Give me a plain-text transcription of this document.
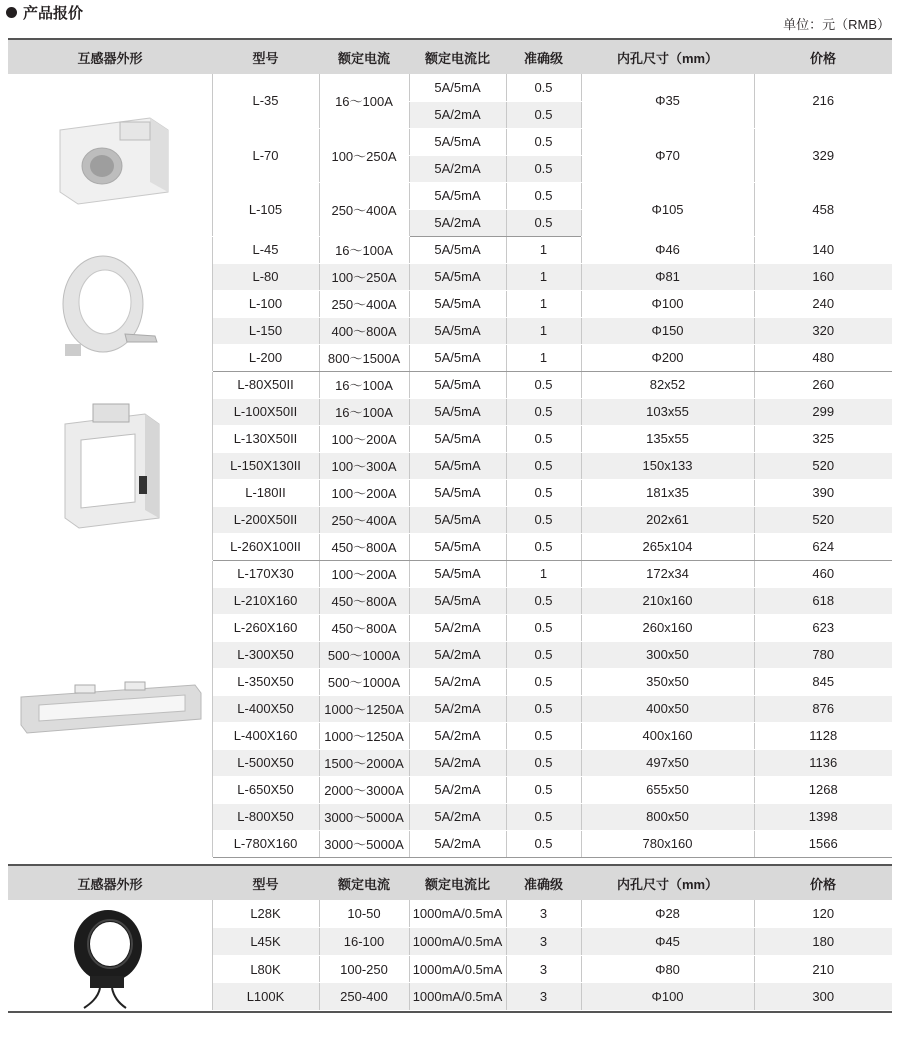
产品报价
单位：元（RMB）
互感器外形	型号	额定电流	额定电流比	准确级	内孔尺寸（mm）	价格

	L-35	16～100A	5A/5mA	0.5	Φ35	216
			5A/2mA	0.5		
	L-70	100～250A	5A/5mA	0.5	Φ70	329
			5A/2mA	0.5		
	L-105	250～400A	5A/5mA	0.5	Φ105	458
			5A/2mA	0.5		

	L-45	16～100A	5A/5mA	1	Φ46	140
	L-80	100～250A	5A/5mA	1	Φ81	160
	L-100	250～400A	5A/5mA	1	Φ100	240
	L-150	400～800A	5A/5mA	1	Φ150	320
	L-200	800～1500A	5A/5mA	1	Φ200	480

	L-80X50II	16～100A	5A/5mA	0.5	82x52	260
	L-100X50II	16～100A	5A/5mA	0.5	103x55	299
	L-130X50II	100～200A	5A/5mA	0.5	135x55	325
	L-150X130II	100～300A	5A/5mA	0.5	150x133	520
	L-180II	100～200A	5A/5mA	0.5	181x35	390
	L-200X50II	250～400A	5A/5mA	0.5	202x61	520
	L-260X100II	450～800A	5A/5mA	0.5	265x104	624

	L-170X30	100～200A	5A/5mA	1	172x34	460
	L-210X160	450～800A	5A/5mA	0.5	210x160	618
	L-260X160	450～800A	5A/2mA	0.5	260x160	623
	L-300X50	500～1000A	5A/2mA	0.5	300x50	780
	L-350X50	500～1000A	5A/2mA	0.5	350x50	845
	L-400X50	1000～1250A	5A/2mA	0.5	400x50	876
	L-400X160	1000～1250A	5A/2mA	0.5	400x160	1128
	L-500X50	1500～2000A	5A/2mA	0.5	497x50	1136
	L-650X50	2000～3000A	5A/2mA	0.5	655x50	1268
	L-800X50	3000～5000A	5A/2mA	0.5	800x50	1398
	L-780X160	3000～5000A	5A/2mA	0.5	780x160	1566
互感器外形	型号	额定电流	额定电流比	准确级	内孔尺寸（mm）	价格

	L28K	10-50	1000mA/0.5mA	3	Φ28	120
	L45K	16-100	1000mA/0.5mA	3	Φ45	180
	L80K	100-250	1000mA/0.5mA	3	Φ80	210
	L100K	250-400	1000mA/0.5mA	3	Φ100	300
